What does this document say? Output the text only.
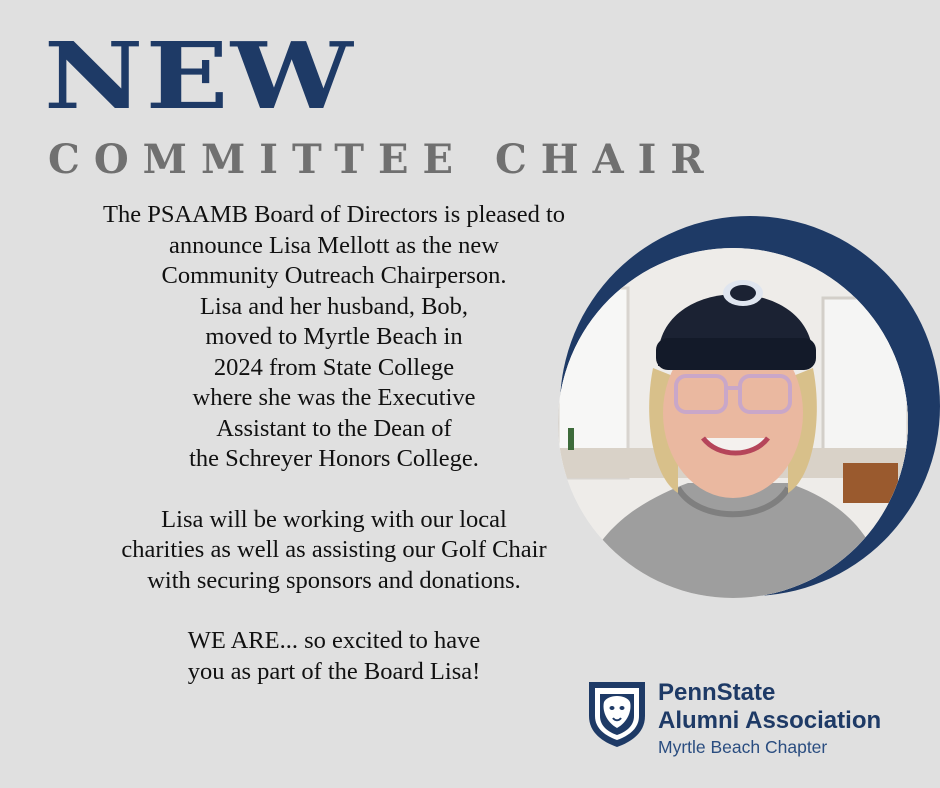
NEW
COMMITTEE CHAIR

The PSAAMB Board of Directors is pleased to

announce Lisa Mellott as the new

Community Outreach Chairperson.

Lisa and her husband, Bob,

moved to Myrtle Beach in

2024 from State College

where she was the Executive

Assistant to the Dean of

the Schreyer Honors College.

Lisa will be working with our local

charities as well as assisting our Golf Chair

with securing sponsors and donations.

WE ARE... so excited to have

you as part of the Board Lisa!

PennState
Alumni Association
Myrtle Beach Chapter
